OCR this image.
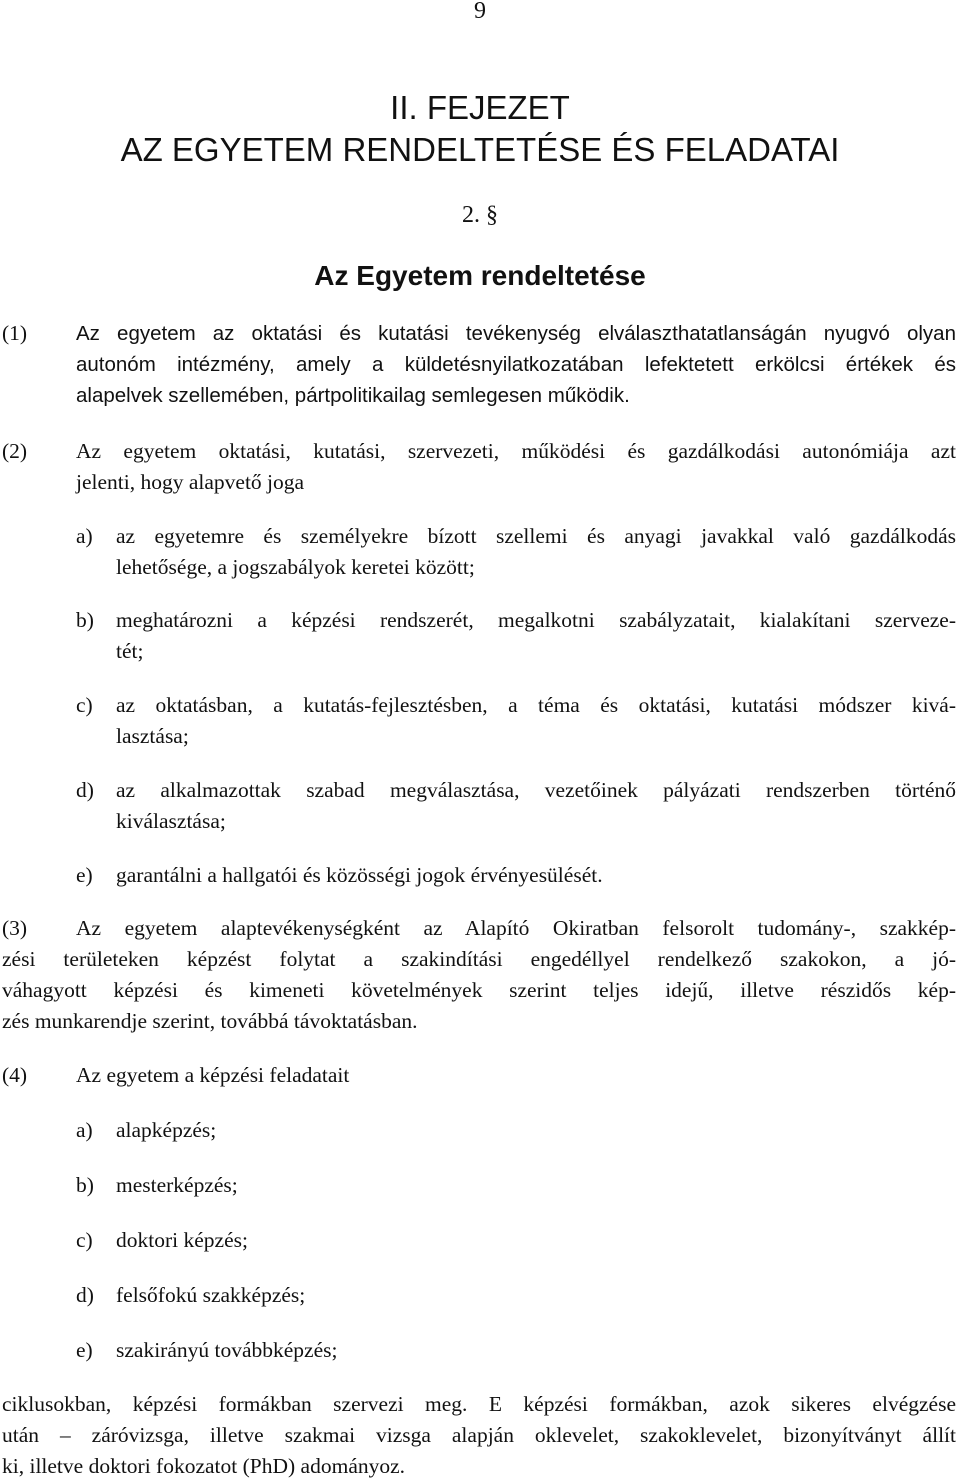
9
II. FEJEZET
AZ EGYETEM RENDELTETÉSE ÉS FELADATAI
2. §
Az Egyetem rendeltetése
(1)	Az egyetem az oktatási és kutatási tevékenység elválaszthatatlanságán nyugvó olyan
autonóm intézmény, amely a küldetésnyilatkozatában lefektetett erkölcsi értékek és
alapelvek szellemében, pártpolitikailag semlegesen működik.
(2)	Az egyetem oktatási, kutatási, szervezeti, működési és gazdálkodási autonómiája azt
jelenti, hogy alapvető joga
a)	az egyetemre és személyekre bízott szellemi és anyagi javakkal való gazdálkodás
lehetősége, a jogszabályok keretei között;
b)	meghatározni a képzési rendszerét, megalkotni szabályzatait, kialakítani szerveze-
tét;
c)	az oktatásban, a kutatás-fejlesztésben, a téma és oktatási, kutatási módszer kivá-
lasztása;
d)	az alkalmazottak szabad megválasztása, vezetőinek pályázati rendszerben történő
kiválasztása;
e)	garantálni a hallgatói és közösségi jogok érvényesülését.
(3)	Az egyetem alaptevékenységként az Alapító Okiratban felsorolt tudomány-, szakkép-
zési területeken képzést folytat a szakindítási engedéllyel rendelkező szakokon, a jó-
váhagyott képzési és kimeneti követelmények szerint teljes idejű, illetve részidős kép-
zés munkarendje szerint, továbbá távoktatásban.
(4)	Az egyetem a képzési feladatait
a)	alapképzés;
b)	mesterképzés;
c)	doktori képzés;
d)	felsőfokú szakképzés;
e)	szakirányú továbbképzés;
ciklusokban, képzési formákban szervezi meg. E képzési formákban, azok sikeres elvégzése
után – záróvizsga, illetve szakmai vizsga alapján oklevelet, szakoklevelet, bizonyítványt állít
ki, illetve doktori fokozatot (PhD) adományoz.
